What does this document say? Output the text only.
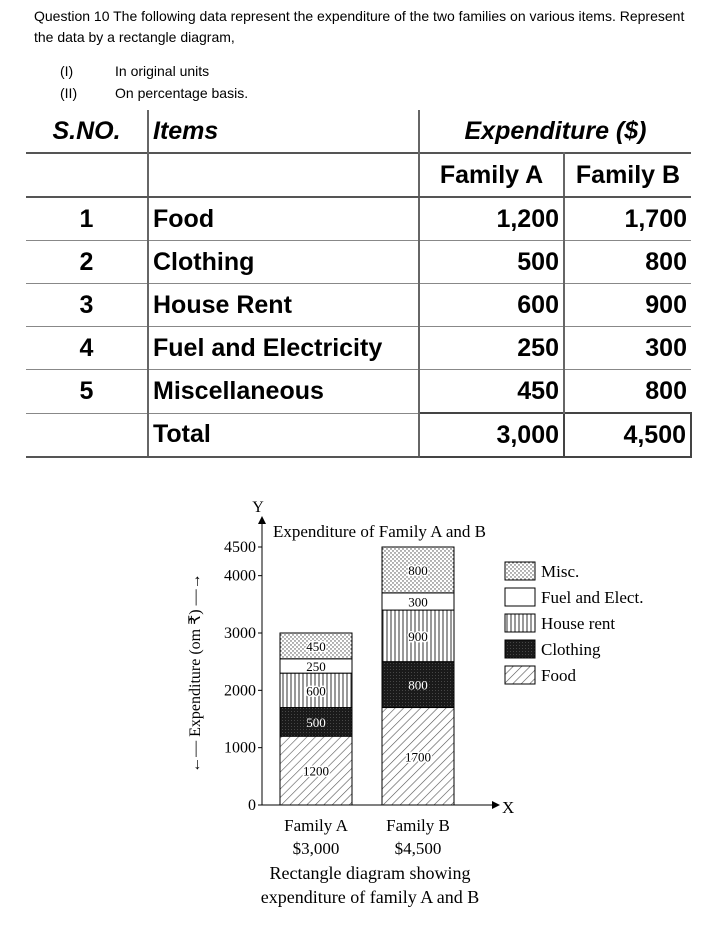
Question 10 The following data represent the expenditure of the two families on various items. Represent the data by a rectangle diagram,
(I)	In original units
(II)	On percentage basis.
S.NO.	Items	Expenditure ($)	
		Family A	Family B
1	Food	1,200	1,700
2	Clothing	500	800
3	House Rent	600	900
4	Fuel and Electricity	250	300
5	Miscellaneous	450	800
	Total	3,000	4,500
Misc.
Fuel and Elect.
House rent
Clothing
Food
Y
X
0
1000
2000
3000
4000
4500
←— Expenditure (om ₹) —→
Expenditure of Family A and B
1200
500
600
250
450
Family A
$3,000
1700
800
900
300
800
Family B
$4,500
Rectangle diagram showing
expenditure of family A and B
